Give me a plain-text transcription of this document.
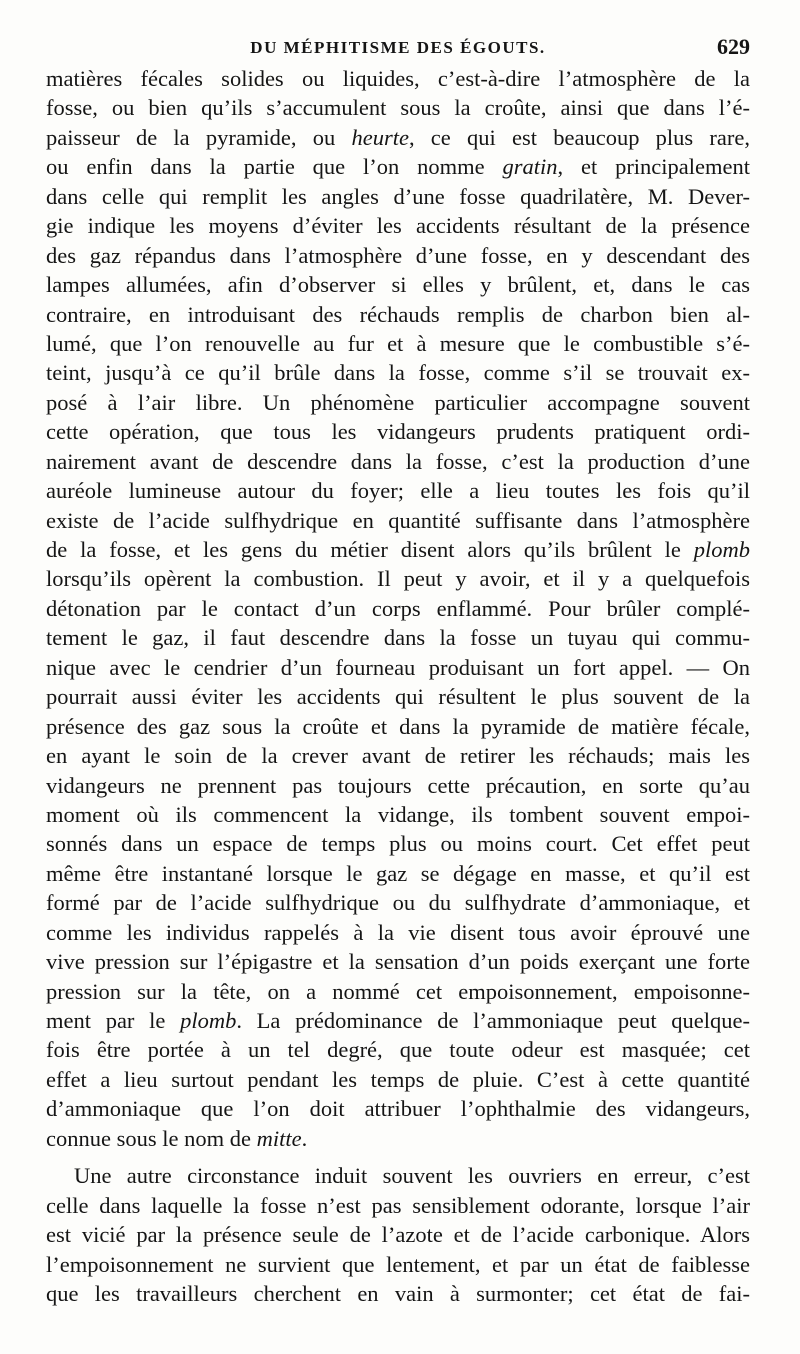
DU MÉPHITISME DES ÉGOUTS.	629
matières fécales solides ou liquides, c’est-à-dire l’atmosphère de la
fosse, ou bien qu’ils s’accumulent sous la croûte, ainsi que dans l’é-
paisseur de la pyramide, ou heurte, ce qui est beaucoup plus rare,
ou enfin dans la partie que l’on nomme gratin, et principalement
dans celle qui remplit les angles d’une fosse quadrilatère, M. Dever-
gie indique les moyens d’éviter les accidents résultant de la présence
des gaz répandus dans l’atmosphère d’une fosse, en y descendant des
lampes allumées, afin d’observer si elles y brûlent, et, dans le cas
contraire, en introduisant des réchauds remplis de charbon bien al-
lumé, que l’on renouvelle au fur et à mesure que le combustible s’é-
teint, jusqu’à ce qu’il brûle dans la fosse, comme s’il se trouvait ex-
posé à l’air libre. Un phénomène particulier accompagne souvent
cette opération, que tous les vidangeurs prudents pratiquent ordi-
nairement avant de descendre dans la fosse, c’est la production d’une
auréole lumineuse autour du foyer; elle a lieu toutes les fois qu’il
existe de l’acide sulfhydrique en quantité suffisante dans l’atmosphère
de la fosse, et les gens du métier disent alors qu’ils brûlent le plomb
lorsqu’ils opèrent la combustion. Il peut y avoir, et il y a quelquefois
détonation par le contact d’un corps enflammé. Pour brûler complé-
tement le gaz, il faut descendre dans la fosse un tuyau qui commu-
nique avec le cendrier d’un fourneau produisant un fort appel. — On
pourrait aussi éviter les accidents qui résultent le plus souvent de la
présence des gaz sous la croûte et dans la pyramide de matière fécale,
en ayant le soin de la crever avant de retirer les réchauds; mais les
vidangeurs ne prennent pas toujours cette précaution, en sorte qu’au
moment où ils commencent la vidange, ils tombent souvent empoi-
sonnés dans un espace de temps plus ou moins court. Cet effet peut
même être instantané lorsque le gaz se dégage en masse, et qu’il est
formé par de l’acide sulfhydrique ou du sulfhydrate d’ammoniaque, et
comme les individus rappelés à la vie disent tous avoir éprouvé une
vive pression sur l’épigastre et la sensation d’un poids exerçant une forte
pression sur la tête, on a nommé cet empoisonnement, empoisonne-
ment par le plomb. La prédominance de l’ammoniaque peut quelque-
fois être portée à un tel degré, que toute odeur est masquée; cet
effet a lieu surtout pendant les temps de pluie. C’est à cette quantité
d’ammoniaque que l’on doit attribuer l’ophthalmie des vidangeurs,
connue sous le nom de mitte.
Une autre circonstance induit souvent les ouvriers en erreur, c’est
celle dans laquelle la fosse n’est pas sensiblement odorante, lorsque l’air
est vicié par la présence seule de l’azote et de l’acide carbonique. Alors
l’empoisonnement ne survient que lentement, et par un état de faiblesse
que les travailleurs cherchent en vain à surmonter; cet état de fai-
